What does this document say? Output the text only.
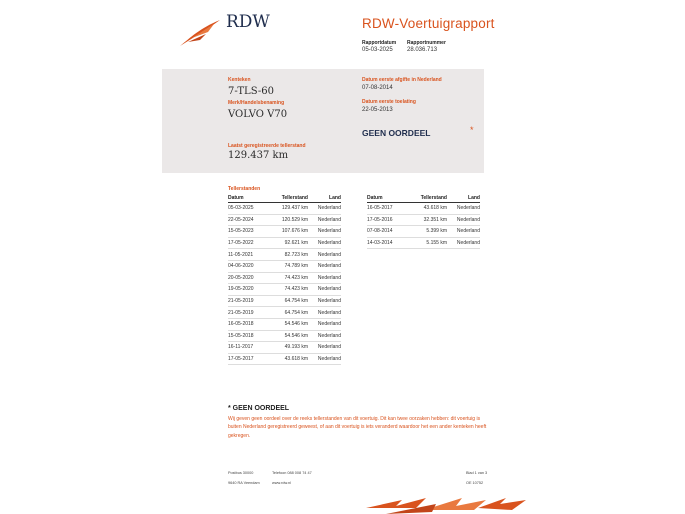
RDW	RDW-Voertuigrapport
Rapportdatum
05-03-2025
Rapportnummer
28.036.713
Kenteken
7-TLS-60
Merk/Handelsbenaming
VOLVO V70
Laatst geregistreerde tellerstand
129.437 km
Datum eerste afgifte in Nederland
07-08-2014
Datum eerste toelating
22-05-2013
GEEN OORDEEL	*
Tellerstanden
Datum	Tellerstand	Land
05-03-2025	129.437 km	Nederland
22-05-2024	120.529 km	Nederland
15-05-2023	107.676 km	Nederland
17-05-2022	92.621 km	Nederland
11-05-2021	82.723 km	Nederland
04-06-2020	74.789 km	Nederland
20-05-2020	74.423 km	Nederland
19-05-2020	74.423 km	Nederland
21-05-2019	64.754 km	Nederland
21-05-2019	64.754 km	Nederland
16-05-2018	54.546 km	Nederland
15-05-2018	54.546 km	Nederland
16-11-2017	49.193 km	Nederland
17-05-2017	43.618 km	Nederland
Datum	Tellerstand	Land
16-05-2017	43.618 km	Nederland
17-05-2016	32.351 km	Nederland
07-08-2014	5.399 km	Nederland
14-03-2014	5.155 km	Nederland
* GEEN OORDEEL
Wij geven geen oordeel over de reeks tellerstanden van dit voertuig. Dit kan twee oorzaken hebben: dit voertuig is buiten Nederland geregistreerd geweest, of aan dit voertuig is iets veranderd waardoor het een ander kenteken heeft gekregen.
Postbus 30000
9640 RA Veendam
Telefoon 088 008 74 47
www.rdw.nl
Blad 1 van 3
OE 10752
